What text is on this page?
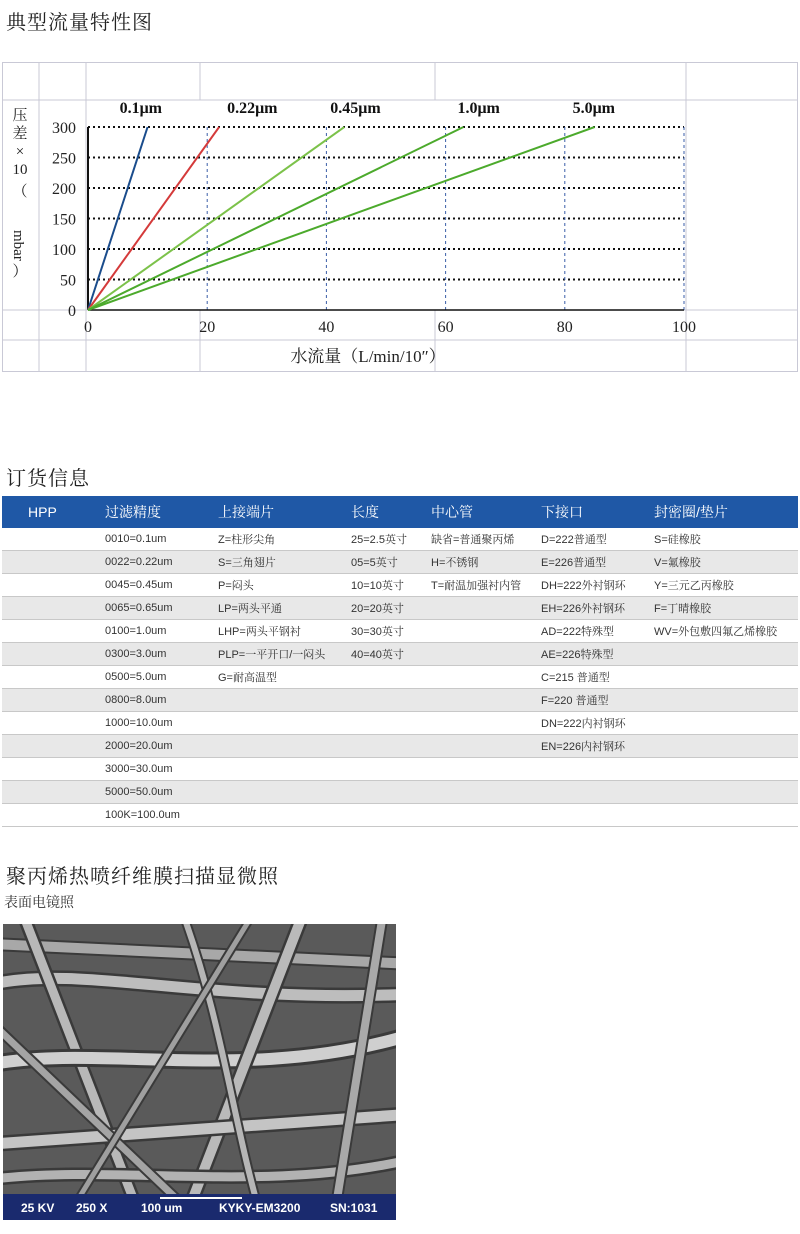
典型流量特性图
0.1μm	0.22μm	0.45μm	1.0μm	5.0μm
300
250
200
150
100
50
0
0	20	40	60	80	100
水流量（L/min/10″）
压差× 10 （）
mbar
订货信息
HPP	过滤精度	上接端片	长度	中心管	下接口	封密圈/垫片
	0010=0.1um	Z=柱形尖角	25=2.5英寸	缺省=普通聚丙烯	D=222普通型	S=硅橡胶
	0022=0.22um	S=三角翅片	05=5英寸	H=不锈钢	E=226普通型	V=氟橡胶
	0045=0.45um	P=闷头	10=10英寸	T=耐温加强衬内管	DH=222外衬钢环	Y=三元乙丙橡胶
	0065=0.65um	LP=两头平通	20=20英寸		EH=226外衬钢环	F=丁晴橡胶
	0100=1.0um	LHP=两头平钢衬	30=30英寸		AD=222特殊型	WV=外包敷四氟乙烯橡胶
	0300=3.0um	PLP=一平开口/一闷头	40=40英寸		AE=226特殊型	
	0500=5.0um	G=耐高温型			C=215 普通型	
	0800=8.0um				F=220 普通型	
	1000=10.0um				DN=222内衬钢环	
	2000=20.0um				EN=226内衬钢环	
	3000=30.0um					
	5000=50.0um					
	100K=100.0um					
聚丙烯热喷纤维膜扫描显微照
表面电镜照
25 KV 250 X	100 um	KYKY-EM3200 SN:1031
